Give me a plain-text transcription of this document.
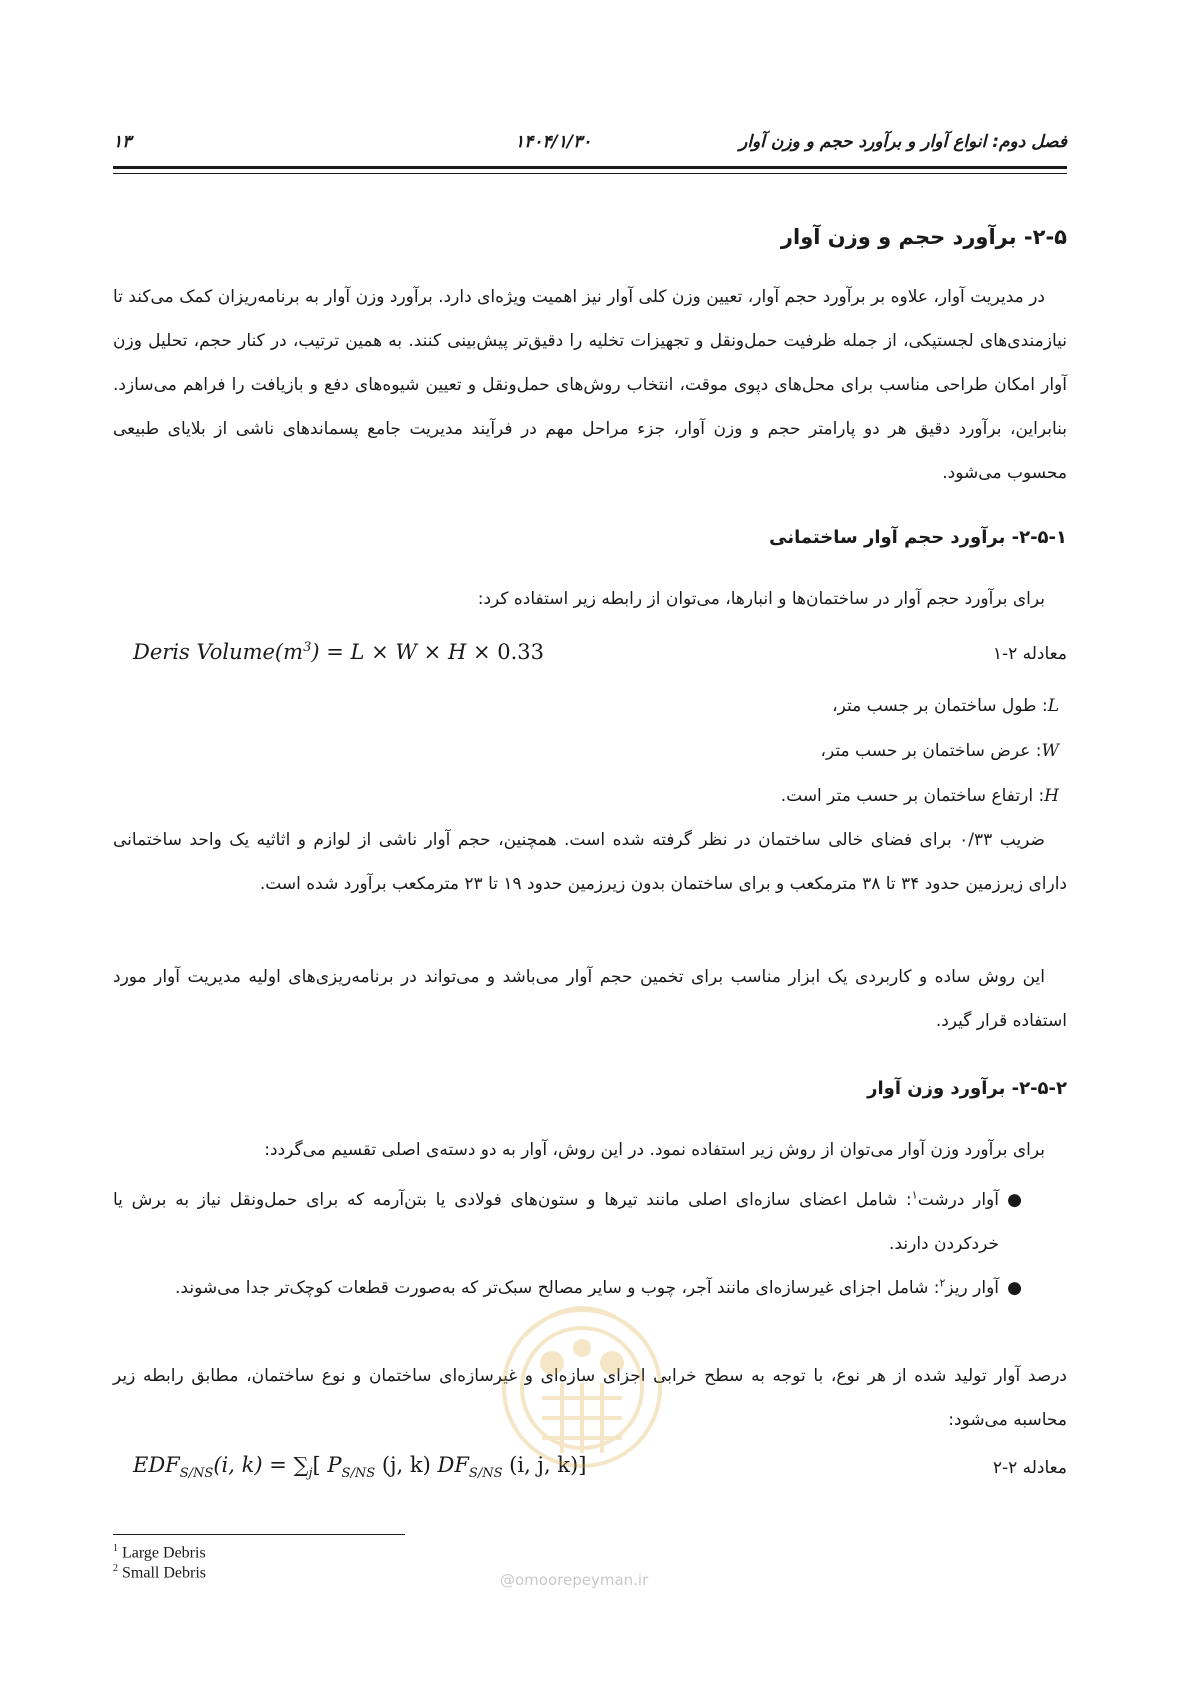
۱۳	۱۴۰۴/۱/۳۰	فصل دوم: انواع آوار و برآورد حجم و وزن آوار
۲-۵- برآورد حجم و وزن آوار
در مدیریت آوار، علاوه بر برآورد حجم آوار، تعیین وزن کلی آوار نیز اهمیت ویژه‌ای دارد. برآورد وزن آوار به برنامه‌ریزان کمک می‌کند تا نیازمندی‌های لجستیکی، از جمله ظرفیت حمل‌ونقل و تجهیزات تخلیه را دقیق‌تر پیش‌بینی کنند. به همین ترتیب، در کنار حجم، تحلیل وزن آوار امکان طراحی مناسب برای محل‌های دپوی موقت، انتخاب روش‌های حمل‌ونقل و تعیین شیوه‌های دفع و بازیافت را فراهم می‌سازد. بنابراین، برآورد دقیق هر دو پارامتر حجم و وزن آوار، جزء مراحل مهم در فرآیند مدیریت جامع پسماندهای ناشی از بلایای طبیعی محسوب می‌شود.
۲-۵-۱- برآورد حجم آوار ساختمانی
برای برآورد حجم آوار در ساختمان‌ها و انبارها، می‌توان از رابطه زیر استفاده کرد:
معادله ۲-۱
Deris $Volume(m^3) = L \times W \times H \times 0.33$
L: طول ساختمان بر جسب متر،
W: عرض ساختمان بر حسب متر،
H: ارتفاع ساختمان بر حسب متر است.
ضریب ۰/۳۳ برای فضای خالی ساختمان در نظر گرفته شده است. همچنین، حجم آوار ناشی از لوازم و اثاثیه یک واحد ساختمانی دارای زیرزمین حدود ۳۴ تا ۳۸ مترمکعب و برای ساختمان بدون زیرزمین حدود ۱۹ تا ۲۳ مترمکعب برآورد شده است.
این روش ساده و کاربردی یک ابزار مناسب برای تخمین حجم آوار می‌باشد و می‌تواند در برنامه‌ریزی‌های اولیه مدیریت آوار مورد استفاده قرار گیرد.
۲-۵-۲- برآورد وزن آوار
برای برآورد وزن آوار می‌توان از روش زیر استفاده نمود. در این روش، آوار به دو دسته‌ی اصلی تقسیم می‌گردد:
●
آوار درشت$^۱$: شامل اعضای سازه‌ای اصلی مانند تیرها و ستون‌های فولادی یا بتن‌آرمه که برای حمل‌ونقل نیاز به برش یا خردکردن دارند.
●
آوار ریز$^۲$: شامل اجزای غیرسازه‌ای مانند آجر، چوب و سایر مصالح سبک‌تر که به‌صورت قطعات کوچک‌تر جدا می‌شوند.
درصد آوار تولید شده از هر نوع، با توجه به سطح خرابی اجزای سازه‌ای و غیرسازه‌ای ساختمان و نوع ساختمان، مطابق رابطه زیر محاسبه می‌شود:
معادله ۲-۲
$EDF_{S/NS}(i$, $k) = \sum_j$[ $P_{S/NS}$ (j, k) $DF_{S/NS}$ (i, j, k)]
@omoorepeyman.ir
$^1$ Large Debris
$^2$ Small Debris
